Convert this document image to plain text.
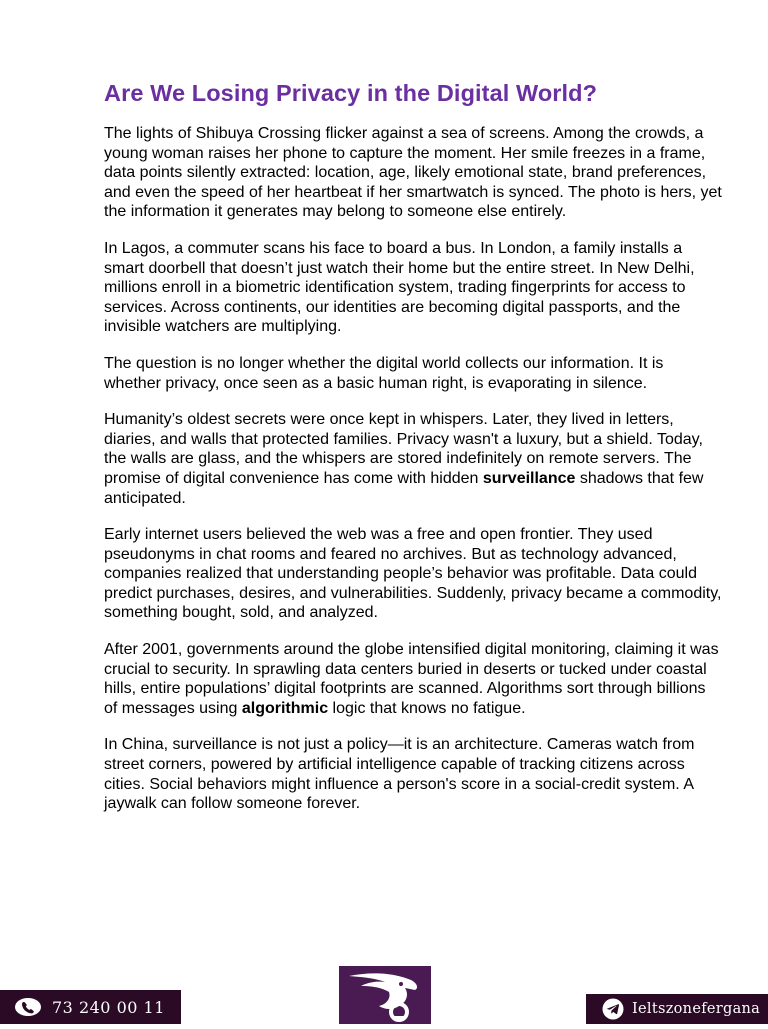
Are We Losing Privacy in the Digital World?

The lights of Shibuya Crossing flicker against a sea of screens. Among the crowds, a young woman raises her phone to capture the moment. Her smile freezes in a frame, data points silently extracted: location, age, likely emotional state, brand preferences, and even the speed of her heartbeat if her smartwatch is synced. The photo is hers, yet the information it generates may belong to someone else entirely.

In Lagos, a commuter scans his face to board a bus. In London, a family installs a smart doorbell that doesn’t just watch their home but the entire street. In New Delhi, millions enroll in a biometric identification system, trading fingerprints for access to services. Across continents, our identities are becoming digital passports, and the invisible watchers are multiplying.

The question is no longer whether the digital world collects our information. It is whether privacy, once seen as a basic human right, is evaporating in silence.

Humanity’s oldest secrets were once kept in whispers. Later, they lived in letters, diaries, and walls that protected families. Privacy wasn't a luxury, but a shield. Today, the walls are glass, and the whispers are stored indefinitely on remote servers. The promise of digital convenience has come with hidden surveillance shadows that few anticipated.

Early internet users believed the web was a free and open frontier. They used pseudonyms in chat rooms and feared no archives. But as technology advanced, companies realized that understanding people’s behavior was profitable. Data could predict purchases, desires, and vulnerabilities. Suddenly, privacy became a commodity, something bought, sold, and analyzed.

After 2001, governments around the globe intensified digital monitoring, claiming it was crucial to security. In sprawling data centers buried in deserts or tucked under coastal hills, entire populations’ digital footprints are scanned. Algorithms sort through billions of messages using algorithmic logic that knows no fatigue.

In China, surveillance is not just a policy—it is an architecture. Cameras watch from street corners, powered by artificial intelligence capable of tracking citizens across cities. Social behaviors might influence a person's score in a social-credit system. A jaywalk can follow someone forever.

73 240 00 11	Ieltszonefergana
